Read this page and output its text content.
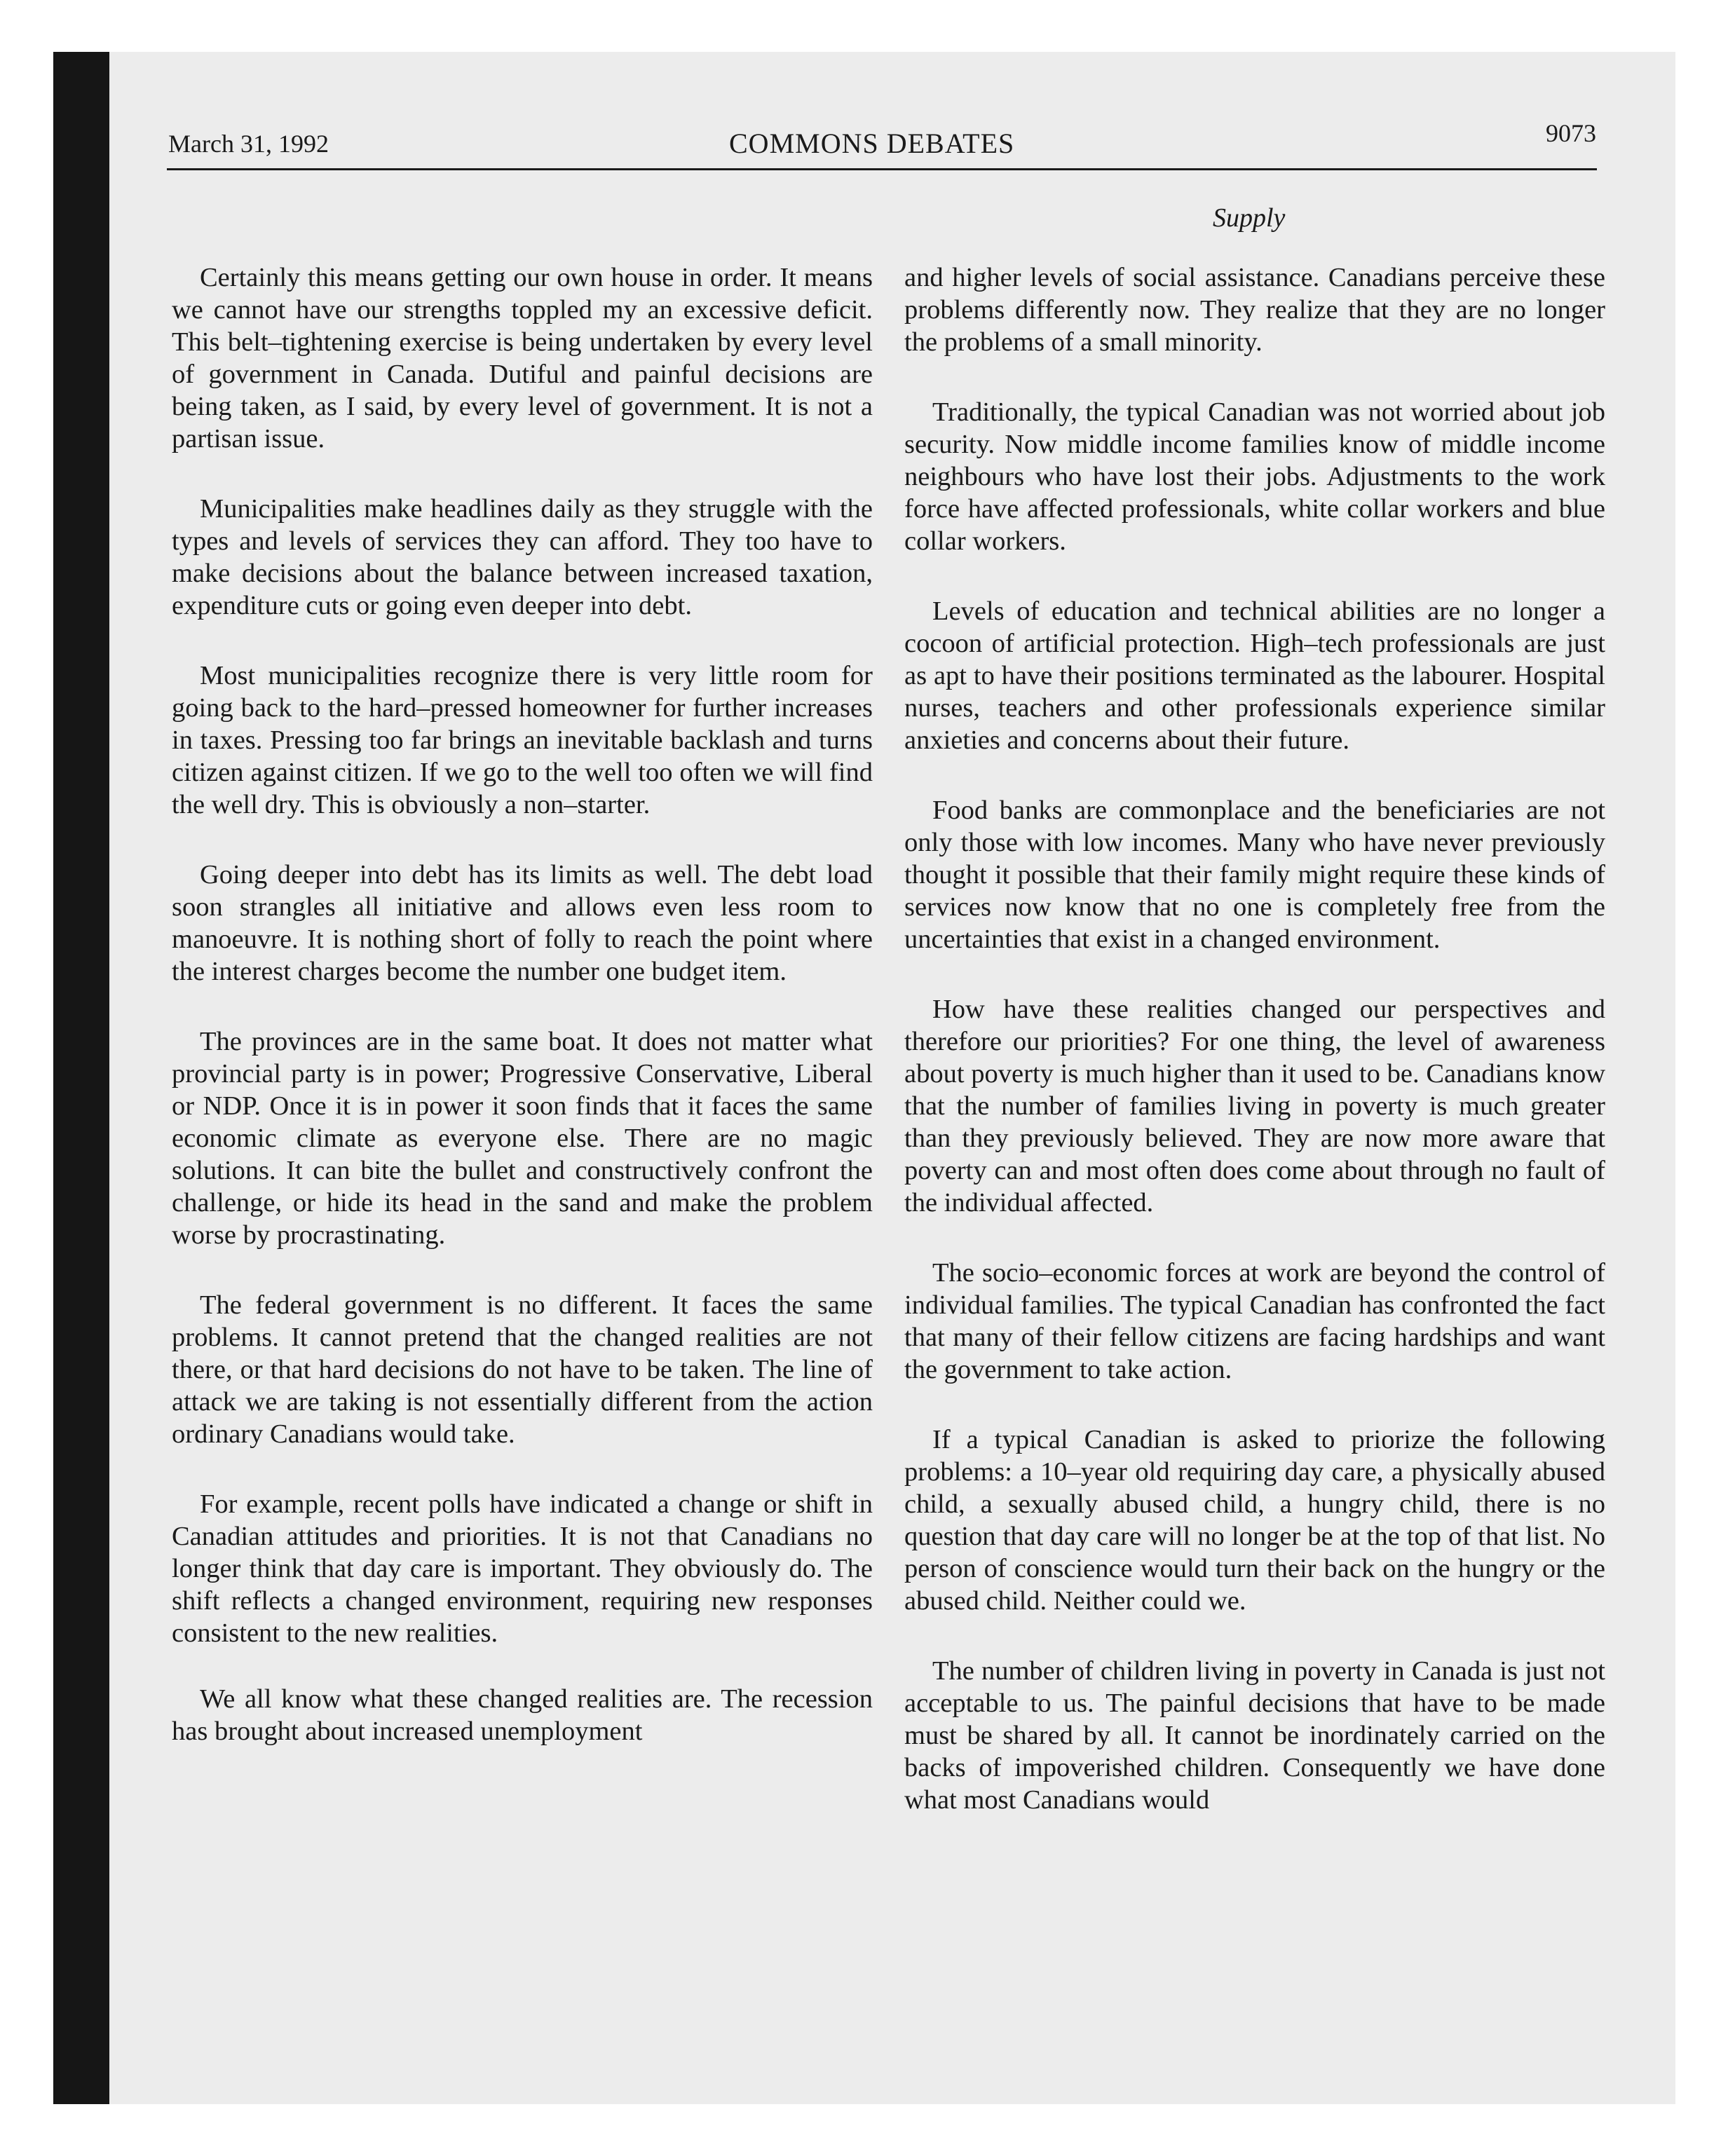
March 31, 1992	COMMONS DEBATES	9073
Supply

Certainly this means getting our own house in order. It means we cannot have our strengths toppled my an excessive deficit. This belt–tightening exercise is being undertaken by every level of government in Canada. Dutiful and painful decisions are being taken, as I said, by every level of government. It is not a partisan issue.

Municipalities make headlines daily as they struggle with the types and levels of services they can afford. They too have to make decisions about the balance between increased taxation, expenditure cuts or going even deeper into debt.

Most municipalities recognize there is very little room for going back to the hard–pressed homeowner for further increases in taxes. Pressing too far brings an inevitable backlash and turns citizen against citizen. If we go to the well too often we will find the well dry. This is obviously a non–starter.

Going deeper into debt has its limits as well. The debt load soon strangles all initiative and allows even less room to manoeuvre. It is nothing short of folly to reach the point where the interest charges become the number one budget item.

The provinces are in the same boat. It does not matter what provincial party is in power; Progressive Conservative, Liberal or NDP. Once it is in power it soon finds that it faces the same economic climate as everyone else. There are no magic solutions. It can bite the bullet and constructively confront the challenge, or hide its head in the sand and make the problem worse by procrastinating.

The federal government is no different. It faces the same problems. It cannot pretend that the changed realities are not there, or that hard decisions do not have to be taken. The line of attack we are taking is not essentially different from the action ordinary Canadians would take.

For example, recent polls have indicated a change or shift in Canadian attitudes and priorities. It is not that Canadians no longer think that day care is important. They obviously do. The shift reflects a changed environment, requiring new responses consistent to the new realities.

We all know what these changed realities are. The recession has brought about increased unemployment

and higher levels of social assistance. Canadians perceive these problems differently now. They realize that they are no longer the problems of a small minority.

Traditionally, the typical Canadian was not worried about job security. Now middle income families know of middle income neighbours who have lost their jobs. Adjustments to the work force have affected professionals, white collar workers and blue collar workers.

Levels of education and technical abilities are no longer a cocoon of artificial protection. High–tech professionals are just as apt to have their positions terminated as the labourer. Hospital nurses, teachers and other professionals experience similar anxieties and concerns about their future.

Food banks are commonplace and the beneficiaries are not only those with low incomes. Many who have never previously thought it possible that their family might require these kinds of services now know that no one is completely free from the uncertainties that exist in a changed environment.

How have these realities changed our perspectives and therefore our priorities? For one thing, the level of awareness about poverty is much higher than it used to be. Canadians know that the number of families living in poverty is much greater than they previously believed. They are now more aware that poverty can and most often does come about through no fault of the individual affected.

The socio–economic forces at work are beyond the control of individual families. The typical Canadian has confronted the fact that many of their fellow citizens are facing hardships and want the government to take action.

If a typical Canadian is asked to priorize the following problems: a 10–year old requiring day care, a physically abused child, a sexually abused child, a hungry child, there is no question that day care will no longer be at the top of that list. No person of conscience would turn their back on the hungry or the abused child. Neither could we.

The number of children living in poverty in Canada is just not acceptable to us. The painful decisions that have to be made must be shared by all. It cannot be inordinately carried on the backs of impoverished children. Consequently we have done what most Canadians would
